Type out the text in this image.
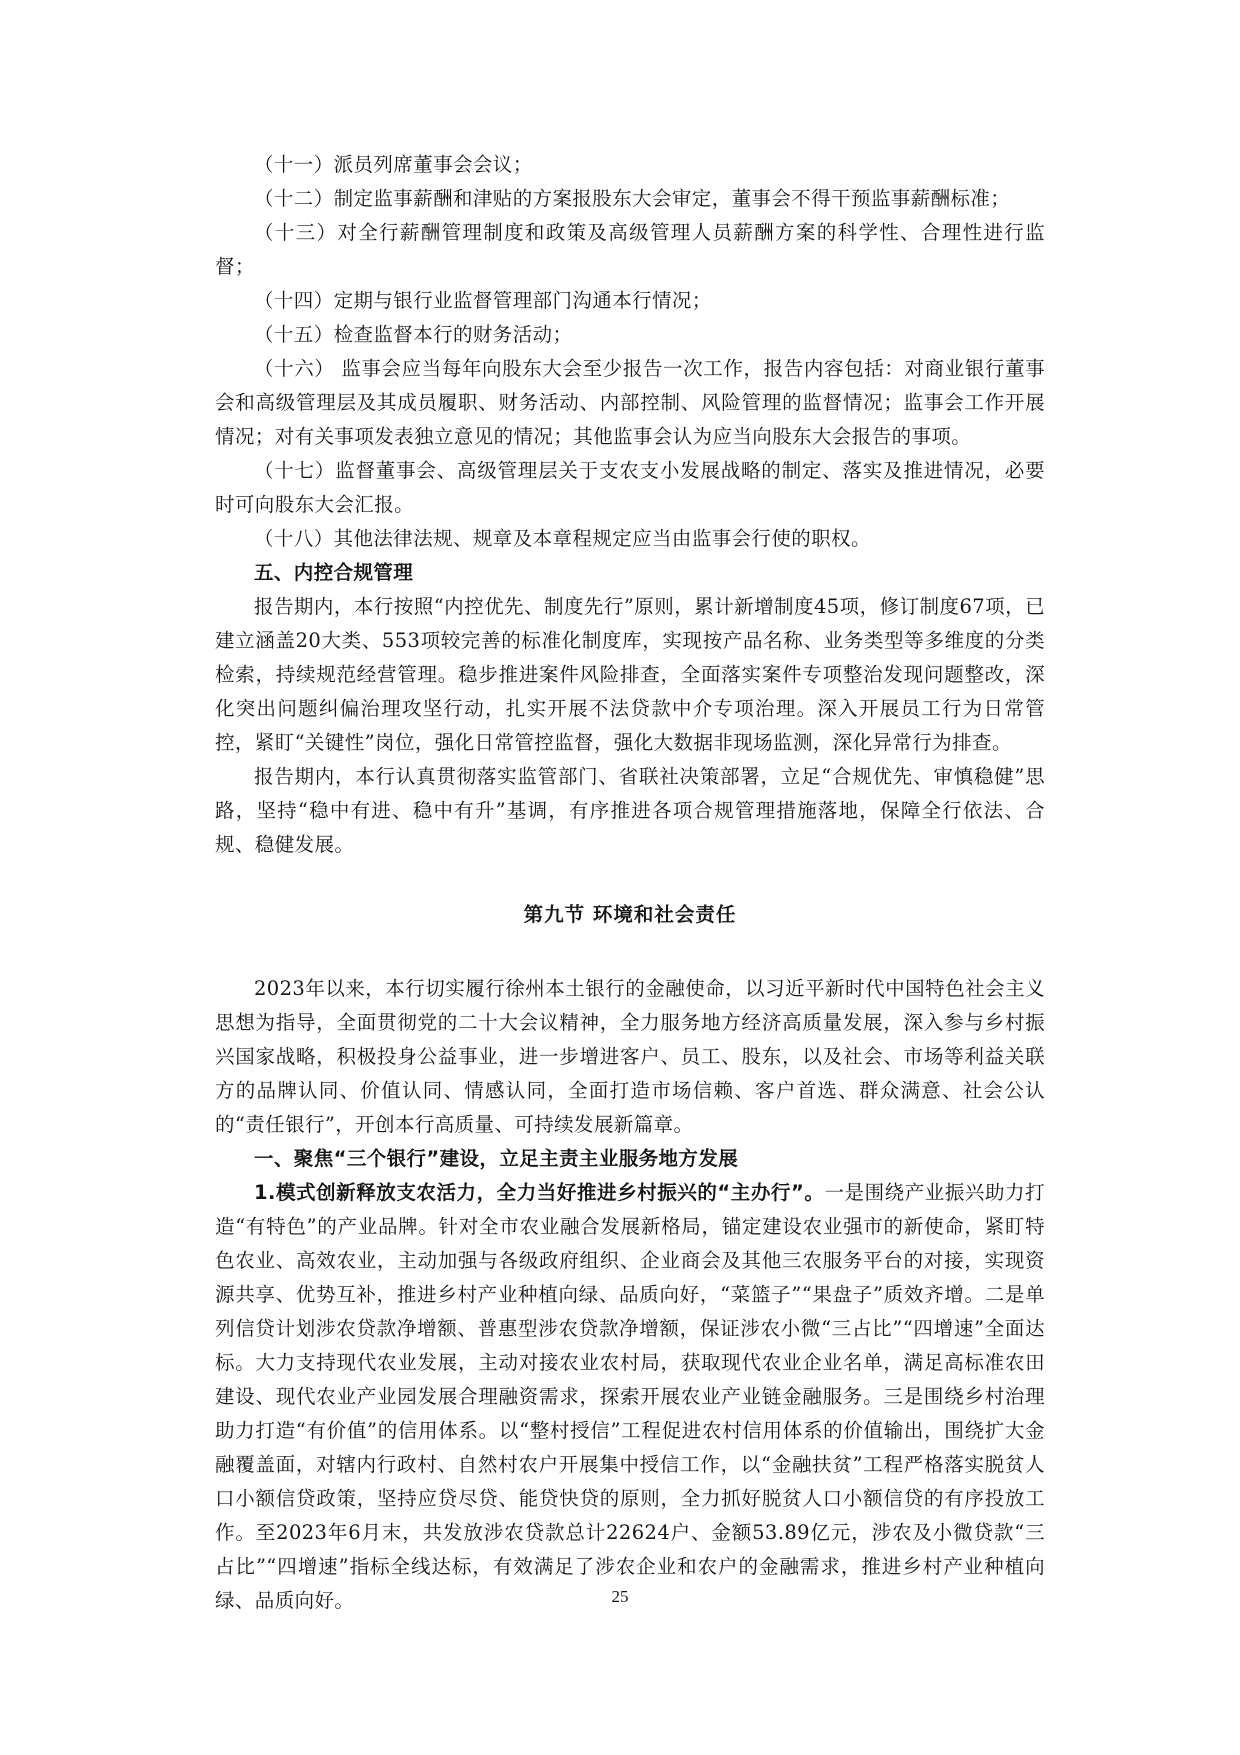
（十一）派员列席董事会会议；

（十二）制定监事薪酬和津贴的方案报股东大会审定，董事会不得干预监事薪酬标准；

（十三）对全行薪酬管理制度和政策及高级管理人员薪酬方案的科学性、合理性进行监督；

（十四）定期与银行业监督管理部门沟通本行情况；

（十五）检查监督本行的财务活动；

（十六） 监事会应当每年向股东大会至少报告一次工作，报告内容包括：对商业银行董事会和高级管理层及其成员履职、财务活动、内部控制、风险管理的监督情况；监事会工作开展情况；对有关事项发表独立意见的情况；其他监事会认为应当向股东大会报告的事项。

（十七）监督董事会、高级管理层关于支农支小发展战略的制定、落实及推进情况，必要时可向股东大会汇报。

（十八）其他法律法规、规章及本章程规定应当由监事会行使的职权。

五、内控合规管理

报告期内，本行按照“内控优先、制度先行”原则，累计新增制度45项，修订制度67项，已建立涵盖20大类、553项较完善的标准化制度库，实现按产品名称、业务类型等多维度的分类检索，持续规范经营管理。稳步推进案件风险排查，全面落实案件专项整治发现问题整改，深化突出问题纠偏治理攻坚行动，扎实开展不法贷款中介专项治理。深入开展员工行为日常管控，紧盯“关键性”岗位，强化日常管控监督，强化大数据非现场监测，深化异常行为排查。

报告期内，本行认真贯彻落实监管部门、省联社决策部署，立足“合规优先、审慎稳健”思路，坚持“稳中有进、稳中有升”基调，有序推进各项合规管理措施落地，保障全行依法、合规、稳健发展。

第九节 环境和社会责任

2023年以来，本行切实履行徐州本土银行的金融使命，以习近平新时代中国特色社会主义思想为指导，全面贯彻党的二十大会议精神，全力服务地方经济高质量发展，深入参与乡村振兴国家战略，积极投身公益事业，进一步增进客户、员工、股东，以及社会、市场等利益关联方的品牌认同、价值认同、情感认同，全面打造市场信赖、客户首选、群众满意、社会公认的“责任银行”，开创本行高质量、可持续发展新篇章。

一、聚焦“三个银行”建设，立足主责主业服务地方发展

1.模式创新释放支农活力，全力当好推进乡村振兴的“主办行”。一是围绕产业振兴助力打造“有特色”的产业品牌。针对全市农业融合发展新格局，锚定建设农业强市的新使命，紧盯特色农业、高效农业，主动加强与各级政府组织、企业商会及其他三农服务平台的对接，实现资源共享、优势互补，推进乡村产业种植向绿、品质向好，“菜篮子”“果盘子”质效齐增。二是单列信贷计划涉农贷款净增额、普惠型涉农贷款净增额，保证涉农小微“三占比”“四增速”全面达标。大力支持现代农业发展，主动对接农业农村局，获取现代农业企业名单，满足高标准农田建设、现代农业产业园发展合理融资需求，探索开展农业产业链金融服务。三是围绕乡村治理助力打造“有价值”的信用体系。以“整村授信”工程促进农村信用体系的价值输出，围绕扩大金融覆盖面，对辖内行政村、自然村农户开展集中授信工作，以“金融扶贫”工程严格落实脱贫人口小额信贷政策，坚持应贷尽贷、能贷快贷的原则，全力抓好脱贫人口小额信贷的有序投放工作。至2023年6月末，共发放涉农贷款总计22624户、金额53.89亿元，涉农及小微贷款“三占比”“四增速”指标全线达标，有效满足了涉农企业和农户的金融需求，推进乡村产业种植向绿、品质向好。	25
